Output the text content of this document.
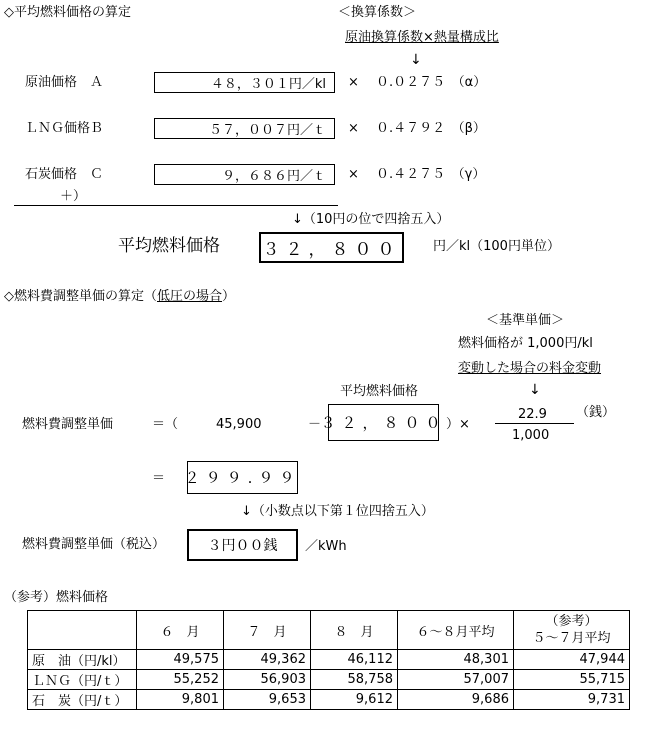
◇平均燃料価格の算定	＜換算係数＞
原油換算係数×熱量構成比
↓
原油価格　Ａ	４８，３０１円／kl	× ０.０２７５　（α）
ＬＮＧ価格Ｂ	５７，００７円／ｔ	× ０.４７９２　（β）
石炭価格　Ｃ	９，６８６円／ｔ	× ０.４２７５　（γ）
＋）
↓（10円の位で四捨五入）
平均燃料価格	３２，８００	円／kl（100円単位）
◇燃料費調整単価の算定（低圧の場合）
＜基準単価＞
燃料価格が 1,000円/kl
変動した場合の料金変動
↓
平均燃料価格
燃料費調整単価	＝（	45,900	－ ３２，８００ ）×
22.9
1,000
（銭）
＝ ２９９.９９
↓（小数点以下第１位四捨五入）
燃料費調整単価（税込）	３円００銭	／kWh
（参考）燃料価格
	６　月	７　月	８　月	６～８月平均	（参考）
５～７月平均
原　油（円/kl）	49,575	49,362	46,112	48,301	47,944
ＬＮＧ（円/ｔ）	55,252	56,903	58,758	57,007	55,715
石　炭（円/ｔ）	9,801	9,653	9,612	9,686	9,731
